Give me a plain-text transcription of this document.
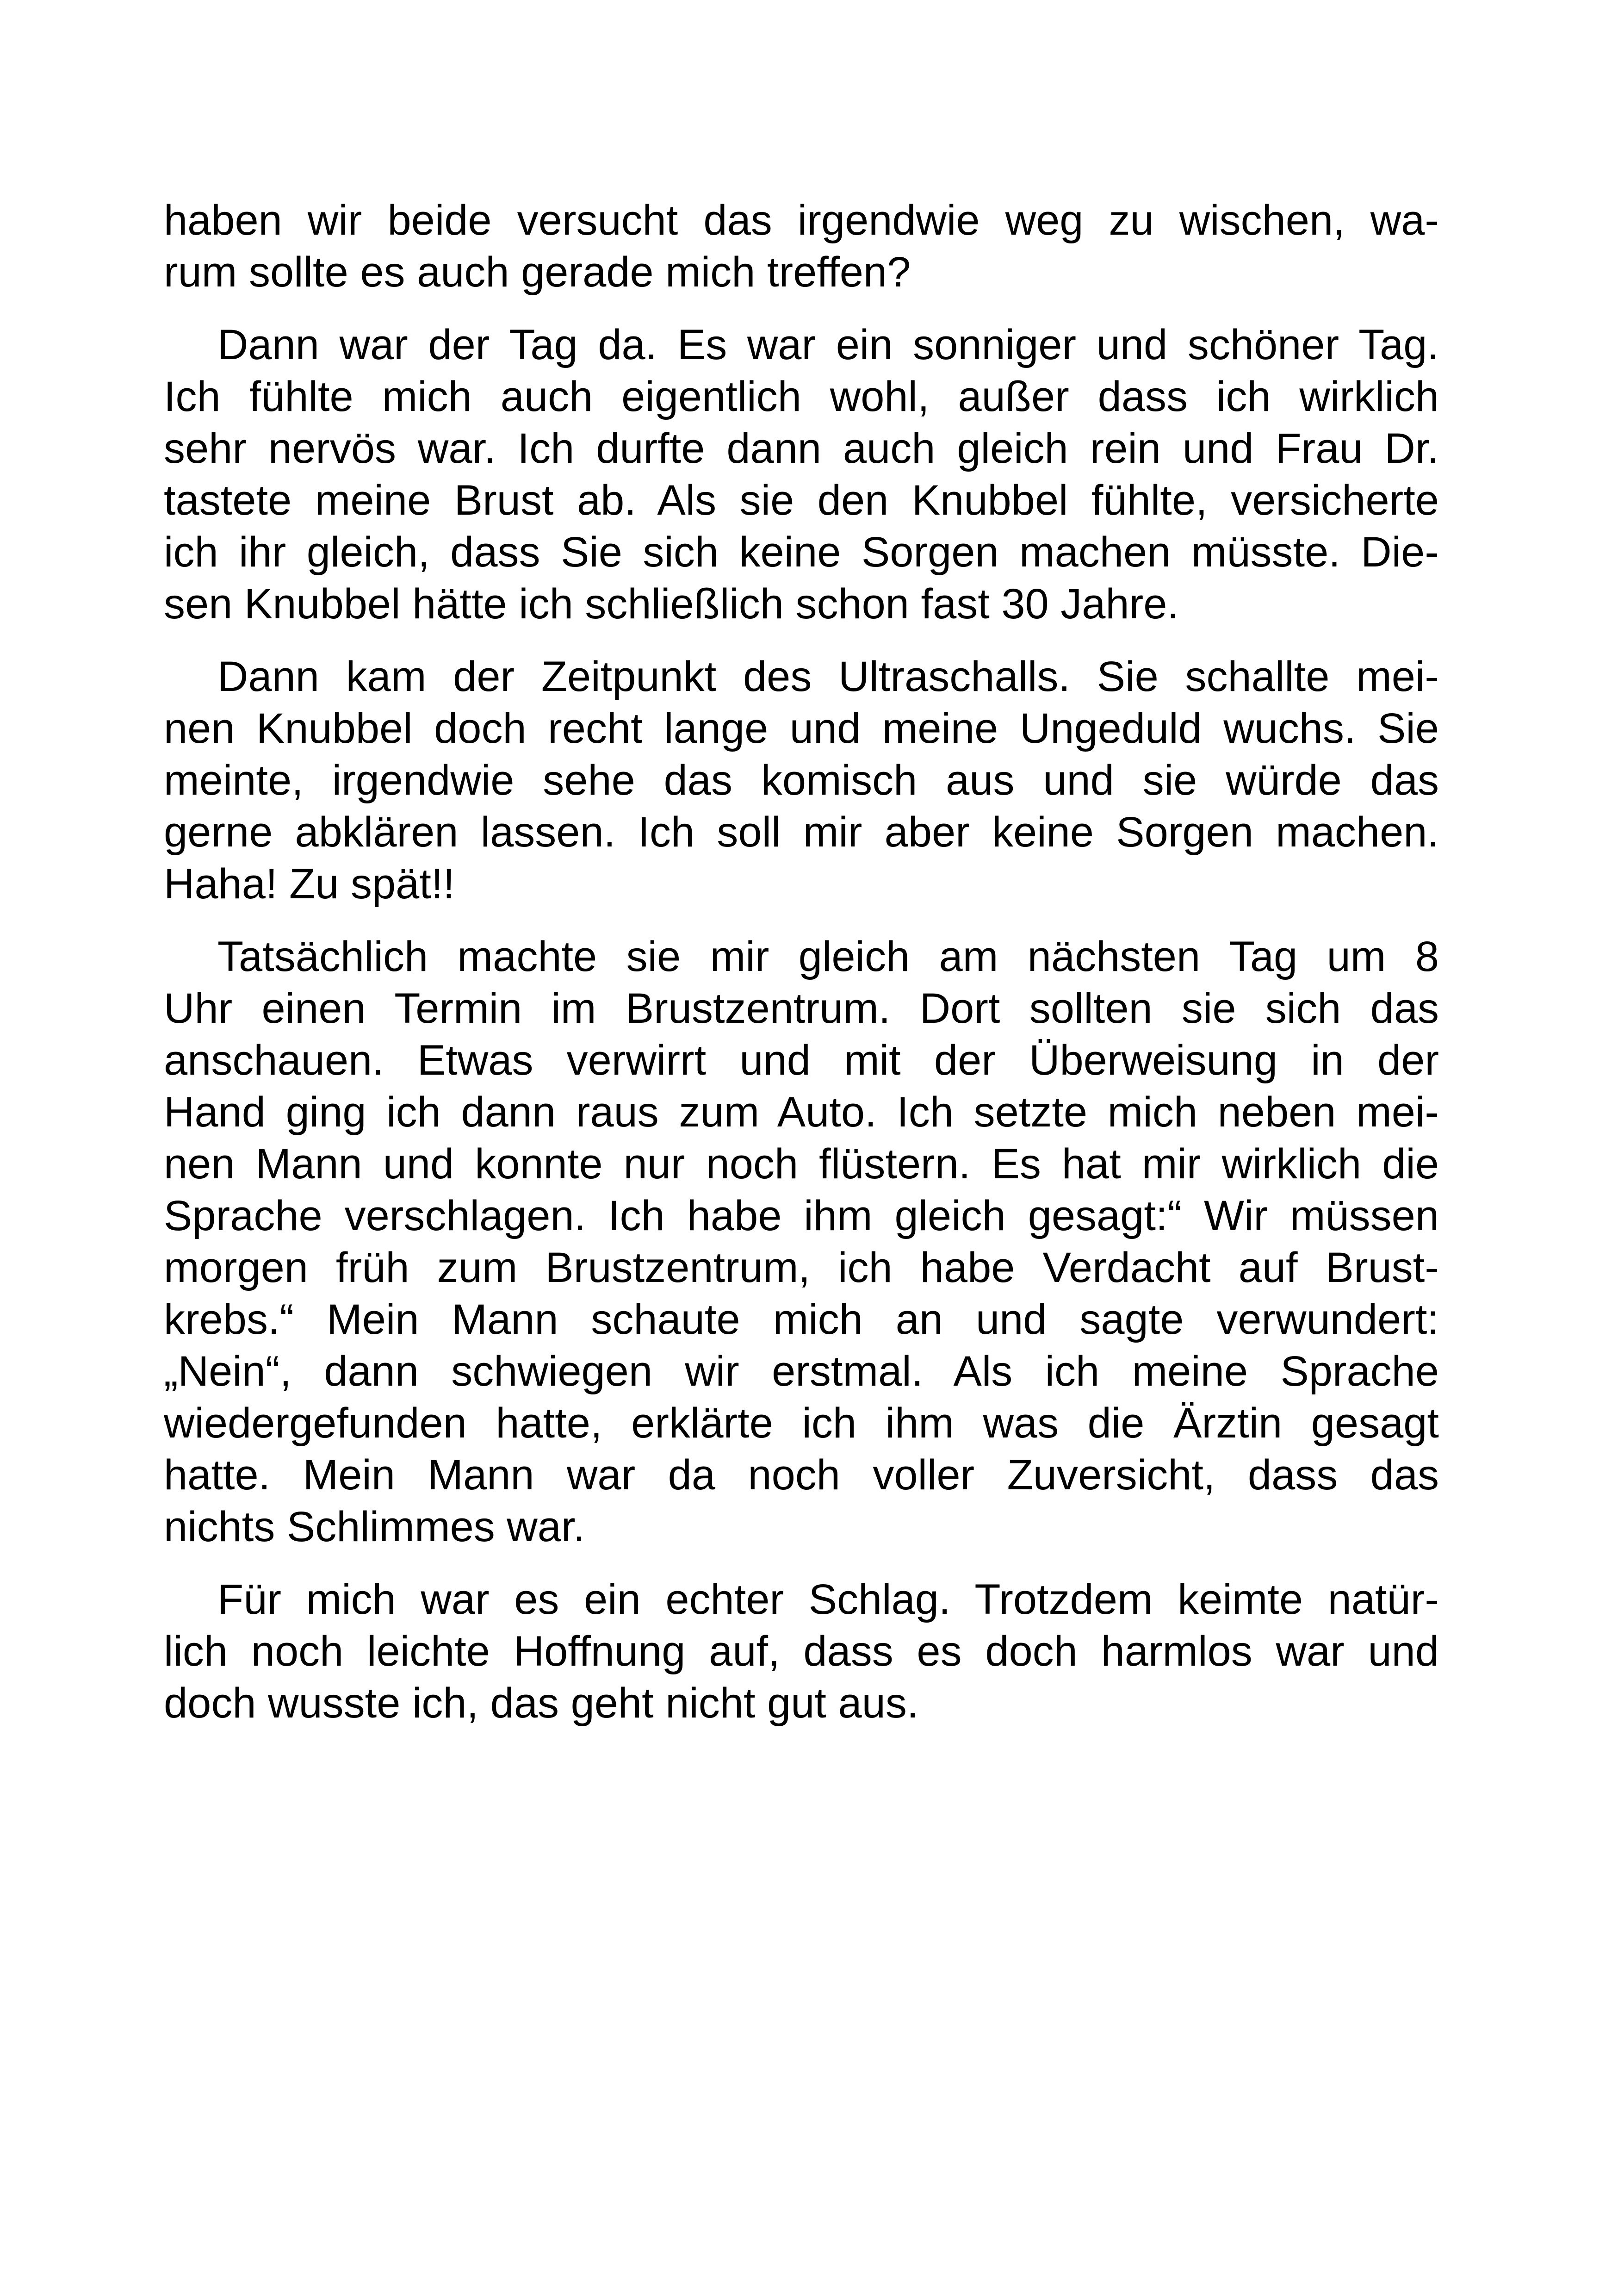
haben wir beide versucht das irgendwie weg zu wischen, wa-
rum sollte es auch gerade mich treffen?
Dann war der Tag da. Es war ein sonniger und schöner Tag.
Ich fühlte mich auch eigentlich wohl, außer dass ich wirklich
sehr nervös war. Ich durfte dann auch gleich rein und Frau Dr.
tastete meine Brust ab. Als sie den Knubbel fühlte, versicherte
ich ihr gleich, dass Sie sich keine Sorgen machen müsste. Die-
sen Knubbel hätte ich schließlich schon fast 30 Jahre.
Dann kam der Zeitpunkt des Ultraschalls. Sie schallte mei-
nen Knubbel doch recht lange und meine Ungeduld wuchs. Sie
meinte, irgendwie sehe das komisch aus und sie würde das
gerne abklären lassen. Ich soll mir aber keine Sorgen machen.
Haha! Zu spät!!
Tatsächlich machte sie mir gleich am nächsten Tag um 8
Uhr einen Termin im Brustzentrum. Dort sollten sie sich das
anschauen. Etwas verwirrt und mit der Überweisung in der
Hand ging ich dann raus zum Auto. Ich setzte mich neben mei-
nen Mann und konnte nur noch flüstern. Es hat mir wirklich die
Sprache verschlagen. Ich habe ihm gleich gesagt:“ Wir müssen
morgen früh zum Brustzentrum, ich habe Verdacht auf Brust-
krebs.“ Mein Mann schaute mich an und sagte verwundert:
„Nein“, dann schwiegen wir erstmal. Als ich meine Sprache
wiedergefunden hatte, erklärte ich ihm was die Ärztin gesagt
hatte. Mein Mann war da noch voller Zuversicht, dass das
nichts Schlimmes war.
Für mich war es ein echter Schlag. Trotzdem keimte natür-
lich noch leichte Hoffnung auf, dass es doch harmlos war und
doch wusste ich, das geht nicht gut aus.
